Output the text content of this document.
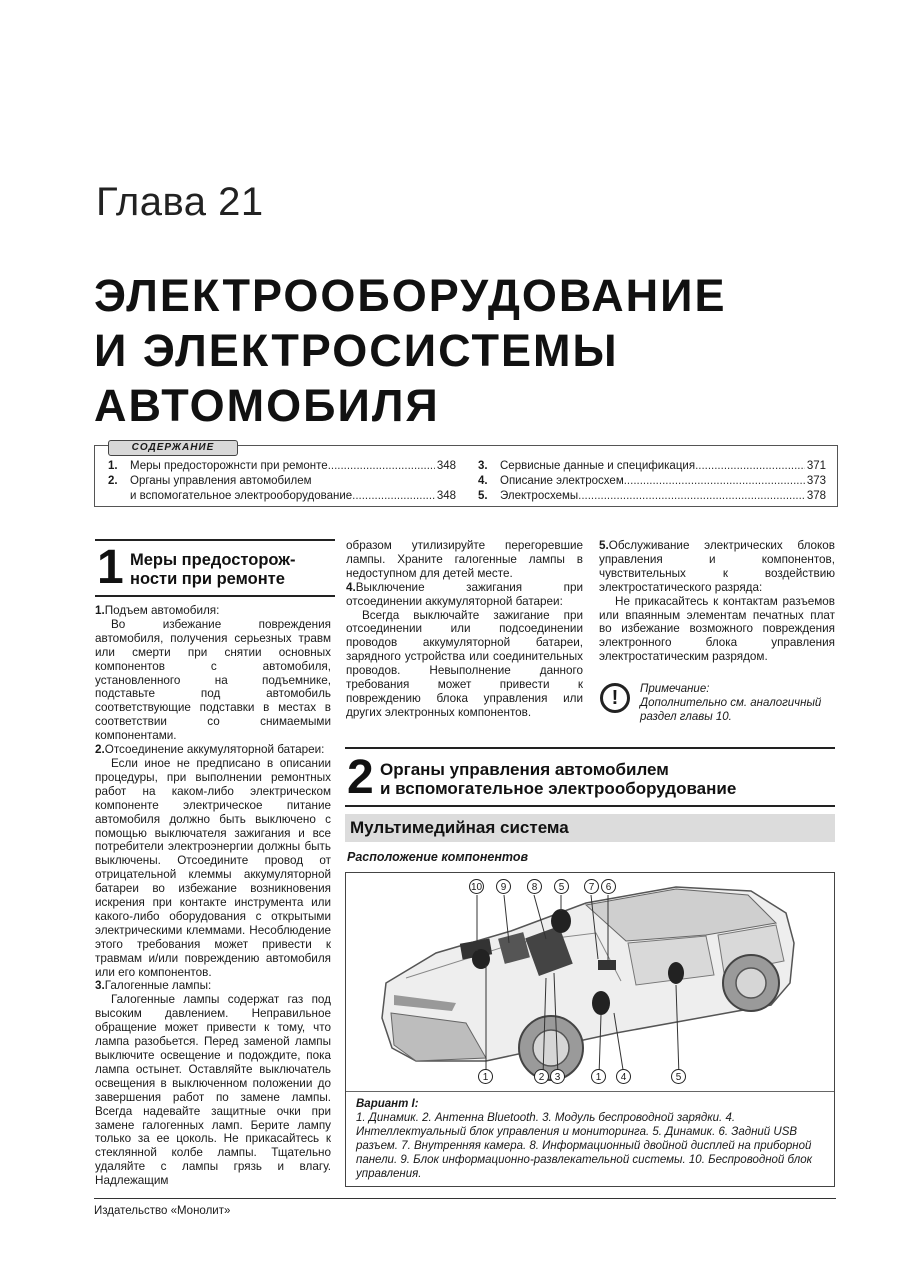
Глава 21
ЭЛЕКТРООБОРУДОВАНИЕ
И ЭЛЕКТРОСИСТЕМЫ
АВТОМОБИЛЯ
СОДЕРЖАНИЕ
1.	Меры предосторожнсти при ремонте .....	348
2.	Органы управления автомобилем
и вспомогательное электрооборудование .....	348
3.	Сервисные данные и спецификация .....	371
4.	Описание электросхем .....	373
5.	Электросхемы .....	378
1 Меры предосторож-
ности при ремонте

1.Подъем автомобиля:

Во избежание повреждения автомобиля, получения серьезных травм или смерти при снятии основных компонентов с автомобиля, установленного на подъемнике, подставьте под автомобиль соответствующие подставки в местах в соответствии со снимаемыми компонентами.

2.Отсоединение аккумуляторной батареи:

Если иное не предписано в описании процедуры, при выполнении ремонтных работ на каком-либо электрическом компоненте электрическое питание автомобиля должно быть выключено с помощью выключателя зажигания и все потребители электроэнергии должны быть выключены. Отсоедините провод от отрицательной клеммы аккумуляторной батареи во избежание возникновения искрения при контакте инструмента или какого-либо оборудования с открытыми электрическими клеммами. Несоблюдение этого требования может привести к травмам и/или повреждению автомобиля или его компонентов.

3.Галогенные лампы:

Галогенные лампы содержат газ под высоким давлением. Неправильное обращение может привести к тому, что лампа разобьется. Перед заменой лампы выключите освещение и подождите, пока лампа остынет. Оставляйте выключатель освещения в выключенном положении до завершения работ по замене лампы. Всегда надевайте защитные очки при замене галогенных ламп. Берите лампу только за ее цоколь. Не прикасайтесь к стеклянной колбе лампы. Тщательно удаляйте с лампы грязь и влагу. Надлежащим

образом утилизируйте перегоревшие лампы. Храните галогенные лампы в недоступном для детей месте.

4.Выключение зажигания при отсоединении аккумуляторной батареи:

Всегда выключайте зажигание при отсоединении или подсоединении проводов аккумуляторной батареи, зарядного устройства или соединительных проводов. Невыполнение данного требования может привести к повреждению блока управления или других электронных компонентов.

5.Обслуживание электрических блоков управления и компонентов, чувствительных к воздействию электростатического разряда:

Не прикасайтесь к контактам разъемов или впаянным элементам печатных плат во избежание возможного повреждения электронного блока управления электростатическим разрядом.

!	Примечание:
Дополнительно см. аналогичный раздел главы 10.
2 Органы управления автомобилем
и вспомогательное электрооборудование
Мультимедийная система
Расположение компонентов
10	9	8	5	7	6
1	2	3	1	4	5
Вариант I:
1. Динамик. 2. Антенна Bluetooth. 3. Модуль беспроводной зарядки. 4. Интеллектуальный блок управления и мониторинга. 5. Динамик. 6. Задний USB разъем. 7. Внутренняя камера. 8. Информационный двойной дисплей на приборной панели. 9. Блок информационно-развлекательной системы. 10. Беспроводной блок управления.
Издательство «Монолит»
